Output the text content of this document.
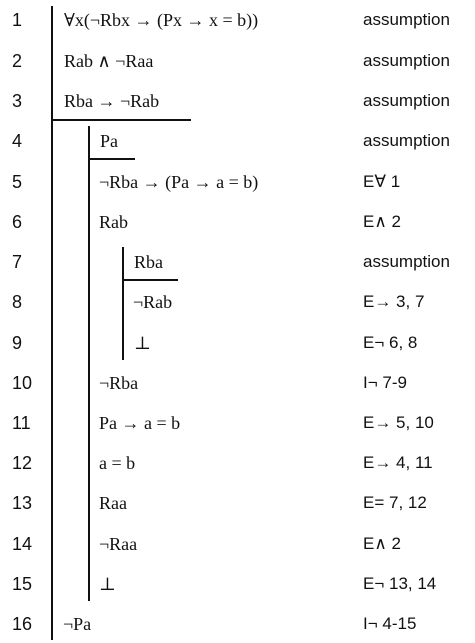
1	∀x(¬Rbx → (Px → x = b))	assumption
2	Rab ∧ ¬Raa	assumption
3	Rba → ¬Rab	assumption
4	Pa	assumption
5	¬Rba → (Pa → a = b)	E∀ 1
6	Rab	E∧ 2
7	Rba	assumption
8	¬Rab	E→ 3, 7
9	⊥	E¬ 6, 8
10	¬Rba	I¬ 7-9
11	Pa → a = b	E→ 5, 10
12	a = b	E→ 4, 11
13	Raa	E= 7, 12
14	¬Raa	E∧ 2
15	⊥	E¬ 13, 14
16	¬Pa	I¬ 4-15
